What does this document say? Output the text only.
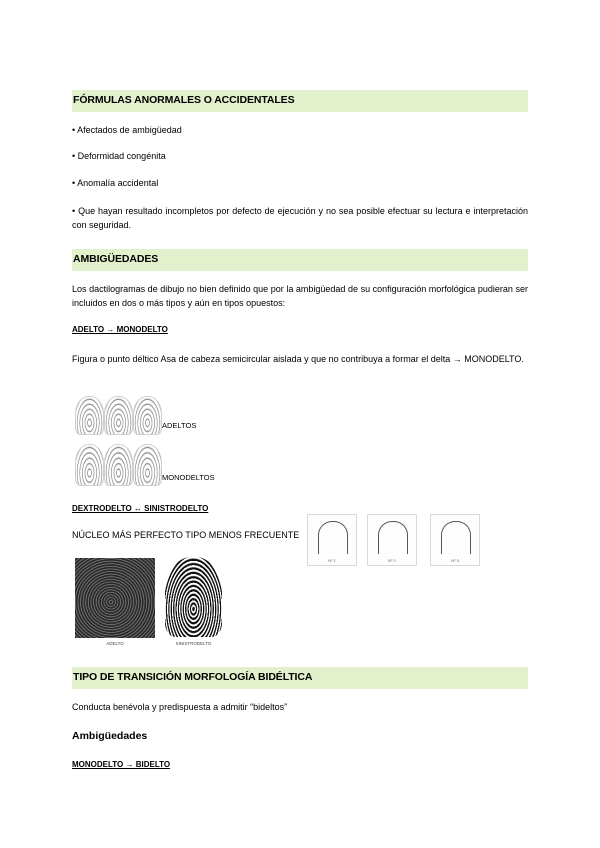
FÓRMULAS ANORMALES O ACCIDENTALES
• Afectados de ambigüedad
• Deformidad congénita
• Anomalía accidental
• Que hayan resultado incompletos por defecto de ejecución y no sea posible efectuar su lectura e interpretación con seguridad.
AMBIGÜEDADES
Los dactilogramas de dibujo no bien definido que por la ambigüedad de su configuración morfológica pudieran ser incluidos en dos o más tipos y aún en tipos opuestos:
ADELTO → MONODELTO
Figura o punto déltico Asa de cabeza semicircular aislada y que no contribuya a formar el delta → MONODELTO.
ADELTOS
MONODELTOS
DEXTRODELTO ↔ SINISTRODELTO
NÚCLEO MÁS PERFECTO TIPO MENOS FRECUENTE
Nº 1	Nº 2	Nº 3
ADELTO	SINISTRODELTO
TIPO DE TRANSICIÓN MORFOLOGÍA BIDÉLTICA
Conducta benévola y predispuesta a admitir “bideltos”
Ambigüedades
MONODELTO → BIDELTO
